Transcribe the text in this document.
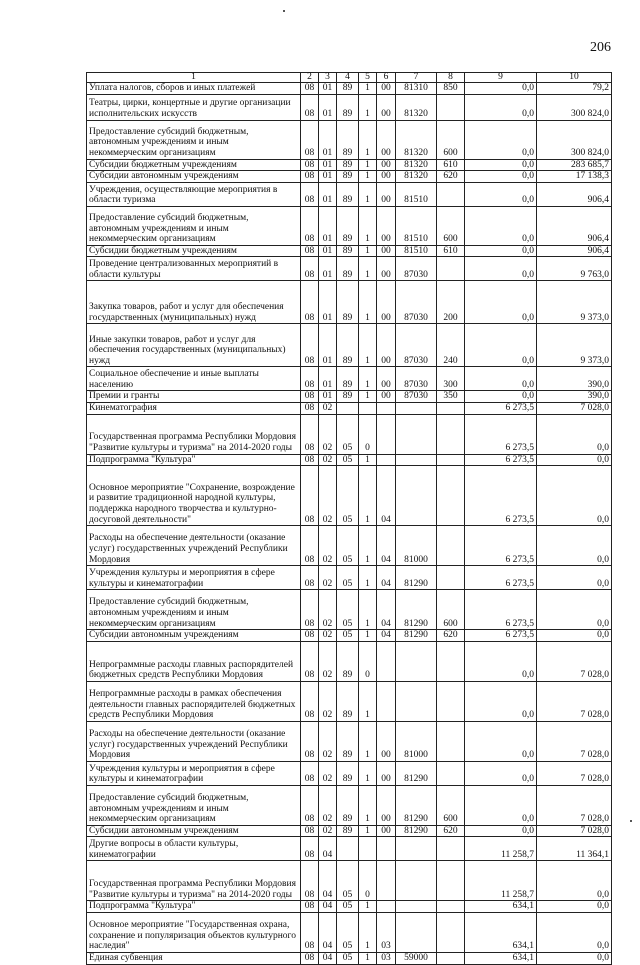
206
1	2	3	4	5	6	7	8	9	10
Уплата налогов, сборов и иных платежей	08	01	89	1	00	81310	850	0,0	79,2
Театры, цирки, концертные и другие организации исполнительских искусств	08	01	89	1	00	81320		0,0	300 824,0
Предоставление субсидий бюджетным, автономным учреждениям и иным некоммерческим организациям	08	01	89	1	00	81320	600	0,0	300 824,0
Субсидии бюджетным учреждениям	08	01	89	1	00	81320	610	0,0	283 685,7
Субсидии автономным учреждениям	08	01	89	1	00	81320	620	0,0	17 138,3
Учреждения, осуществляющие мероприятия в области туризма	08	01	89	1	00	81510		0,0	906,4
Предоставление субсидий бюджетным, автономным учреждениям и иным некоммерческим организациям	08	01	89	1	00	81510	600	0,0	906,4
Субсидии бюджетным учреждениям	08	01	89	1	00	81510	610	0,0	906,4
Проведение централизованных мероприятий в области культуры	08	01	89	1	00	87030		0,0	9 763,0
Закупка товаров, работ и услуг для обеспечения государственных (муниципальных) нужд	08	01	89	1	00	87030	200	0,0	9 373,0
Иные закупки товаров, работ и услуг для обеспечения государственных (муниципальных) нужд	08	01	89	1	00	87030	240	0,0	9 373,0
Социальное обеспечение и иные выплаты населению	08	01	89	1	00	87030	300	0,0	390,0
Премии и гранты	08	01	89	1	00	87030	350	0,0	390,0
Кинематография	08	02						6 273,5	7 028,0
Государственная программа Республики Мордовия "Развитие культуры и туризма" на 2014-2020 годы	08	02	05	0				6 273,5	0,0
Подпрограмма "Культура"	08	02	05	1				6 273,5	0,0
Основное мероприятие "Сохранение, возрождение и развитие традиционной народной культуры, поддержка народного творчества и культурно-досуговой деятельности"	08	02	05	1	04			6 273,5	0,0
Расходы на обеспечение деятельности (оказание услуг) государственных учреждений Республики Мордовия	08	02	05	1	04	81000		6 273,5	0,0
Учреждения культуры и мероприятия в сфере культуры и кинематографии	08	02	05	1	04	81290		6 273,5	0,0
Предоставление субсидий бюджетным, автономным учреждениям и иным некоммерческим организациям	08	02	05	1	04	81290	600	6 273,5	0,0
Субсидии автономным учреждениям	08	02	05	1	04	81290	620	6 273,5	0,0
Непрограммные расходы главных распорядителей бюджетных средств Республики Мордовия	08	02	89	0				0,0	7 028,0
Непрограммные расходы в рамках обеспечения деятельности главных распорядителей бюджетных средств Республики Мордовия	08	02	89	1				0,0	7 028,0
Расходы на обеспечение деятельности (оказание услуг) государственных учреждений Республики Мордовия	08	02	89	1	00	81000		0,0	7 028,0
Учреждения культуры и мероприятия в сфере культуры и кинематографии	08	02	89	1	00	81290		0,0	7 028,0
Предоставление субсидий бюджетным, автономным учреждениям и иным некоммерческим организациям	08	02	89	1	00	81290	600	0,0	7 028,0
Субсидии автономным учреждениям	08	02	89	1	00	81290	620	0,0	7 028,0
Другие вопросы в области культуры, кинематографии	08	04						11 258,7	11 364,1
Государственная программа Республики Мордовия "Развитие культуры и туризма" на 2014-2020 годы	08	04	05	0				11 258,7	0,0
Подпрограмма "Культура"	08	04	05	1				634,1	0,0
Основное мероприятие "Государственная охрана, сохранение и популяризация объектов культурного наследия"	08	04	05	1	03			634,1	0,0
Единая субвенция	08	04	05	1	03	59000		634,1	0,0
